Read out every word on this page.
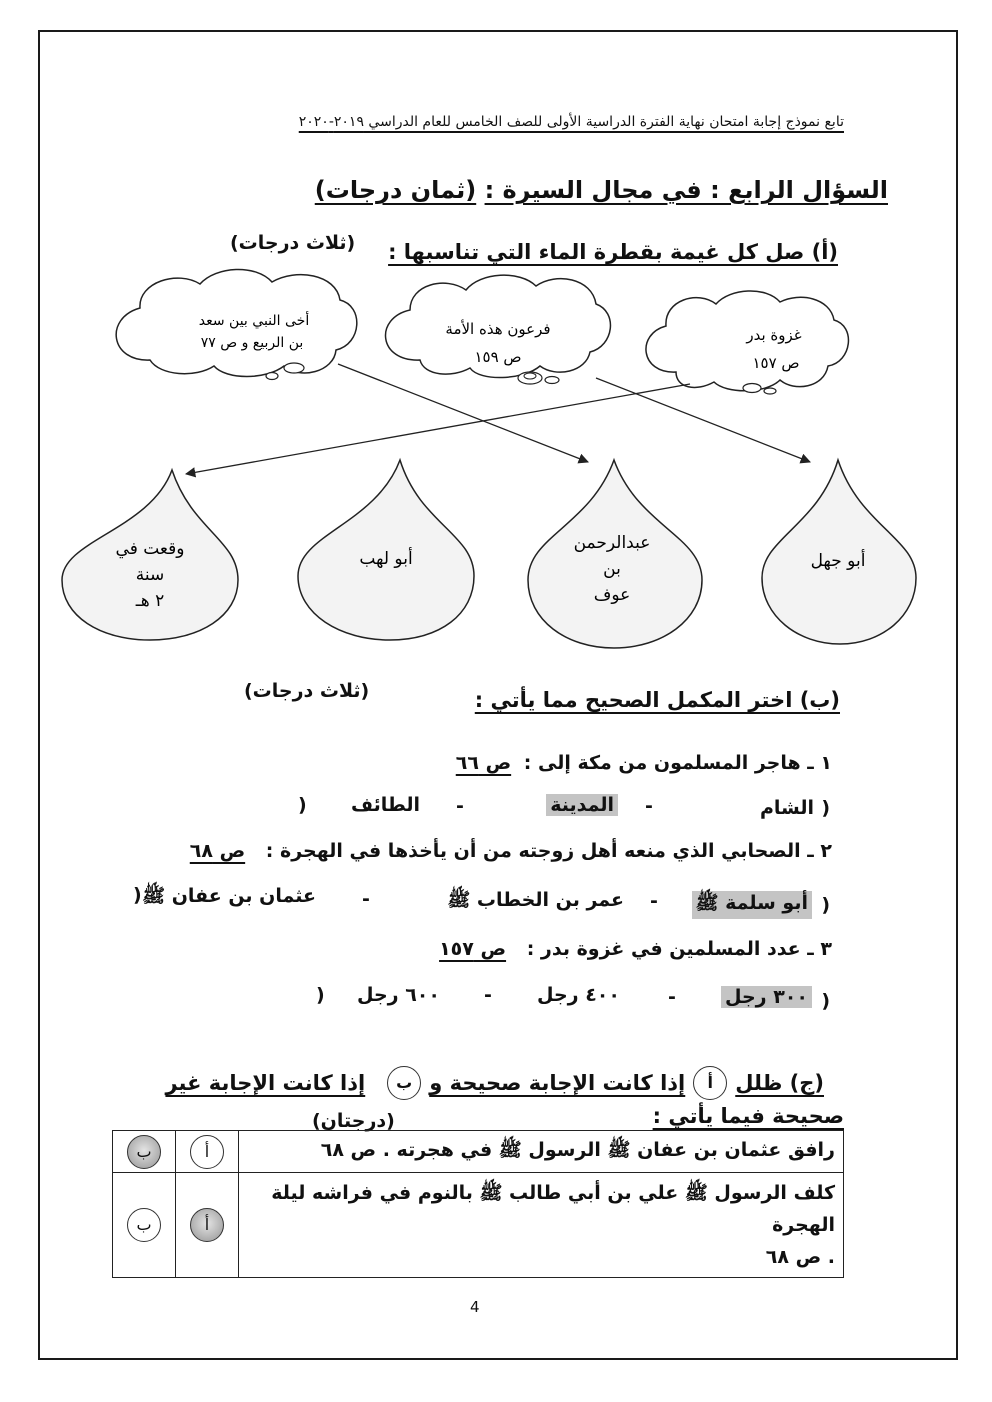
تابع نموذج إجابة امتحان نهاية الفترة الدراسية الأولى للصف الخامس للعام الدراسي ٢٠١٩-٢٠٢٠
السؤال الرابع : في مجال السيرة : (ثمان درجات)
(أ) صل كل غيمة بقطرة الماء التي تناسبها :
(ثلاث درجات)
أخى النبي بين سعد
بن الربيع و ص ٧٧
فرعون هذه الأمة
ص ١٥٩
غزوة بدر
ص ١٥٧
وقعت في
سنة
٢ هـ
أبو لهب
عبدالرحمن
بن
عوف
أبو جهل
(ب) اختر المكمل الصحيح مما يأتي :
(ثلاث درجات)
١ ـ هاجر المسلمون من مكة إلى : ص ٦٦
(
الشام
-
المدينة
-
الطائف
)
٢ ـ الصحابي الذي منعه أهل زوجته من أن يأخذها في الهجرة : ص ٦٨
(
أبو سلمة ﷺ
-
عمر بن الخطاب ﷺ
-
عثمان بن عفان ﷺ
)
٣ ـ عدد المسلمين في غزوة بدر : ص ١٥٧
(
٣٠٠ رجل
-
٤٠٠ رجل
-
٦٠٠ رجل
)
(ج) ظلل
أ
إذا كانت الإجابة صحيحة و
ب
إذا كانت الإجابة غير
صحيحة فيما يأتي :
(درجتان)
ب	أ	رافق عثمان بن عفان ﷺ الرسول ﷺ في هجرته . ص ٦٨
ب	أ	كلف الرسول ﷺ علي بن أبي طالب ﷺ بالنوم في فراشه ليلة الهجرة
. ص ٦٨
4
